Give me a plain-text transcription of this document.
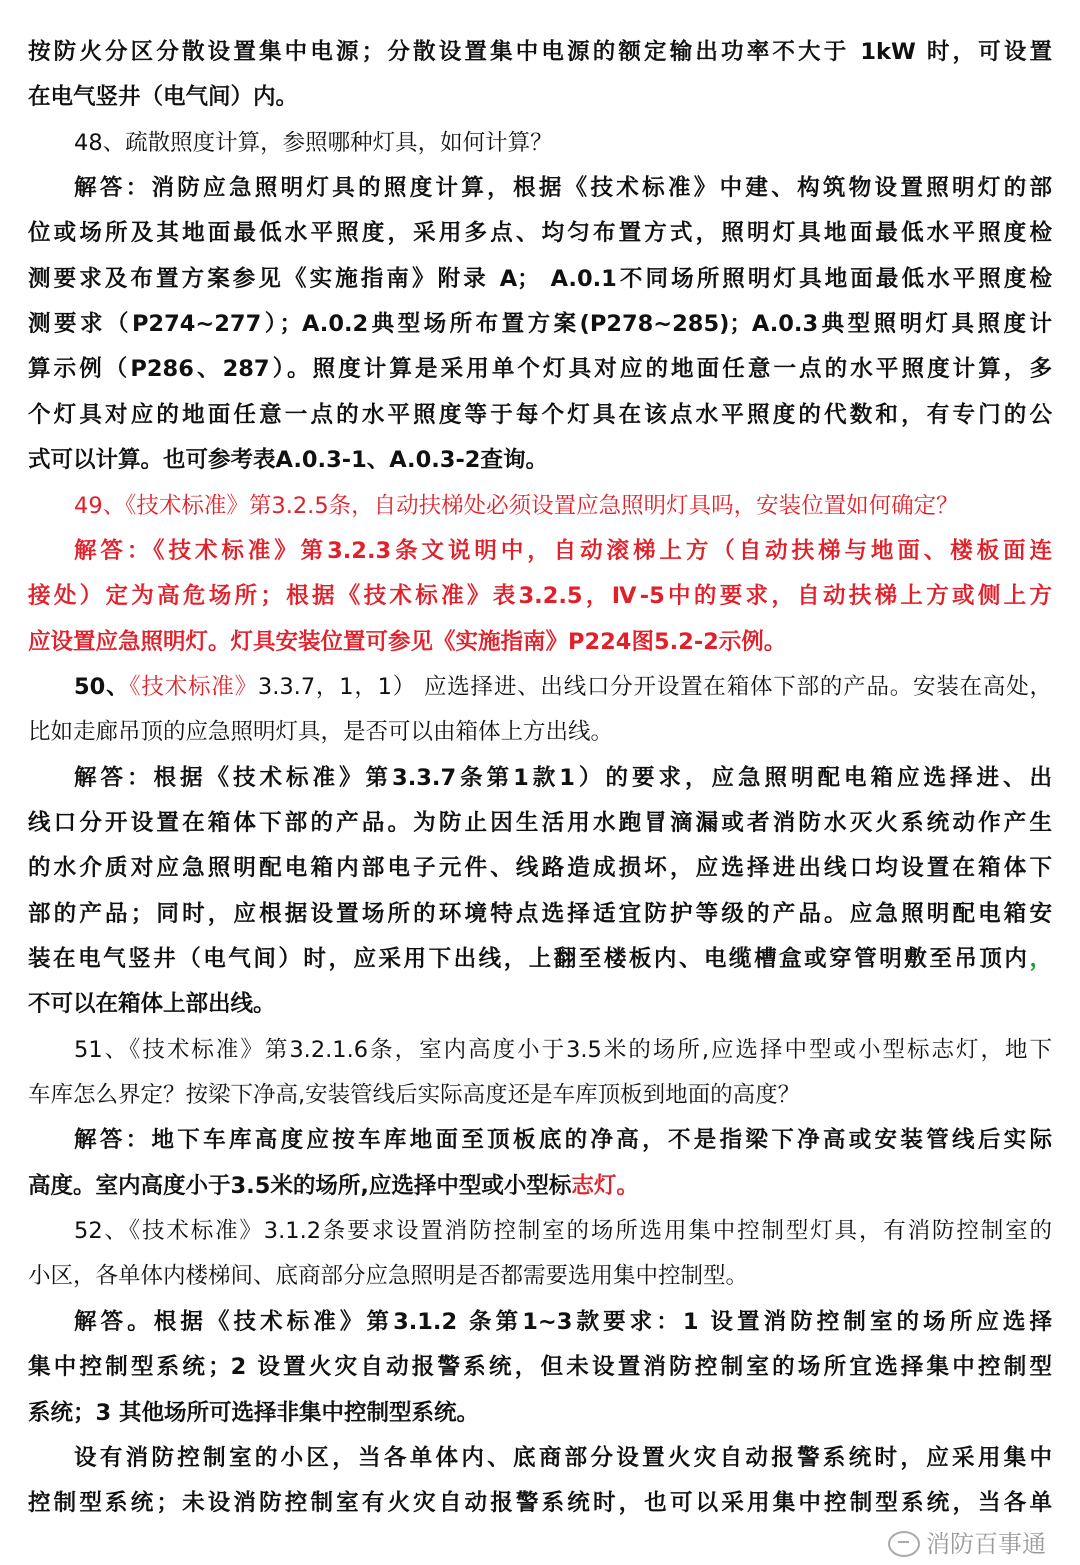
按防火分区分散设置集中电源；分散设置集中电源的额定输出功率不大于 1kW 时，可设置
在电气竖井（电气间）内。
48、疏散照度计算，参照哪种灯具，如何计算？
解答：消防应急照明灯具的照度计算，根据《技术标准》中建、构筑物设置照明灯的部
位或场所及其地面最低水平照度，采用多点、均匀布置方式，照明灯具地面最低水平照度检
测要求及布置方案参见《实施指南》附录 A； A.0.1不同场所照明灯具地面最低水平照度检
测要求（P274~277）；A.0.2典型场所布置方案(P278~285)；A.0.3典型照明灯具照度计
算示例（P286、287）。照度计算是采用单个灯具对应的地面任意一点的水平照度计算，多
个灯具对应的地面任意一点的水平照度等于每个灯具在该点水平照度的代数和，有专门的公
式可以计算。也可参考表A.0.3-1、A.0.3-2查询。
49、《技术标准》第3.2.5条，自动扶梯处必须设置应急照明灯具吗，安装位置如何确定？
解答：《技术标准》第3.2.3条文说明中，自动滚梯上方（自动扶梯与地面、楼板面连
接处）定为高危场所；根据《技术标准》表3.2.5，Ⅳ-5中的要求，自动扶梯上方或侧上方
应设置应急照明灯。灯具安装位置可参见《实施指南》P224图5.2-2示例。
50、《技术标准》3.3.7，1，1） 应选择进、出线口分开设置在箱体下部的产品。安装在高处，
比如走廊吊顶的应急照明灯具，是否可以由箱体上方出线。
解答：根据《技术标准》第3.3.7条第1款1）的要求，应急照明配电箱应选择进、出
线口分开设置在箱体下部的产品。为防止因生活用水跑冒滴漏或者消防水灭火系统动作产生
的水介质对应急照明配电箱内部电子元件、线路造成损坏，应选择进出线口均设置在箱体下
部的产品；同时，应根据设置场所的环境特点选择适宜防护等级的产品。应急照明配电箱安
装在电气竖井（电气间）时，应采用下出线，上翻至楼板内、电缆槽盒或穿管明敷至吊顶内，
不可以在箱体上部出线。
51、《技术标准》第3.2.1.6条，室内高度小于3.5米的场所,应选择中型或小型标志灯，地下
车库怎么界定？按梁下净高,安装管线后实际高度还是车库顶板到地面的高度？
解答：地下车库高度应按车库地面至顶板底的净高，不是指梁下净高或安装管线后实际
高度。室内高度小于3.5米的场所,应选择中型或小型标志灯。
52、《技术标准》3.1.2条要求设置消防控制室的场所选用集中控制型灯具，有消防控制室的
小区，各单体内楼梯间、底商部分应急照明是否都需要选用集中控制型。
解答。根据《技术标准》第3.1.2 条第1~3款要求：1 设置消防控制室的场所应选择
集中控制型系统；2 设置火灾自动报警系统，但未设置消防控制室的场所宜选择集中控制型
系统；3 其他场所可选择非集中控制型系统。
设有消防控制室的小区，当各单体内、底商部分设置火灾自动报警系统时，应采用集中
控制型系统；未设消防控制室有火灾自动报警系统时，也可以采用集中控制型系统，当各单
消防百事通
